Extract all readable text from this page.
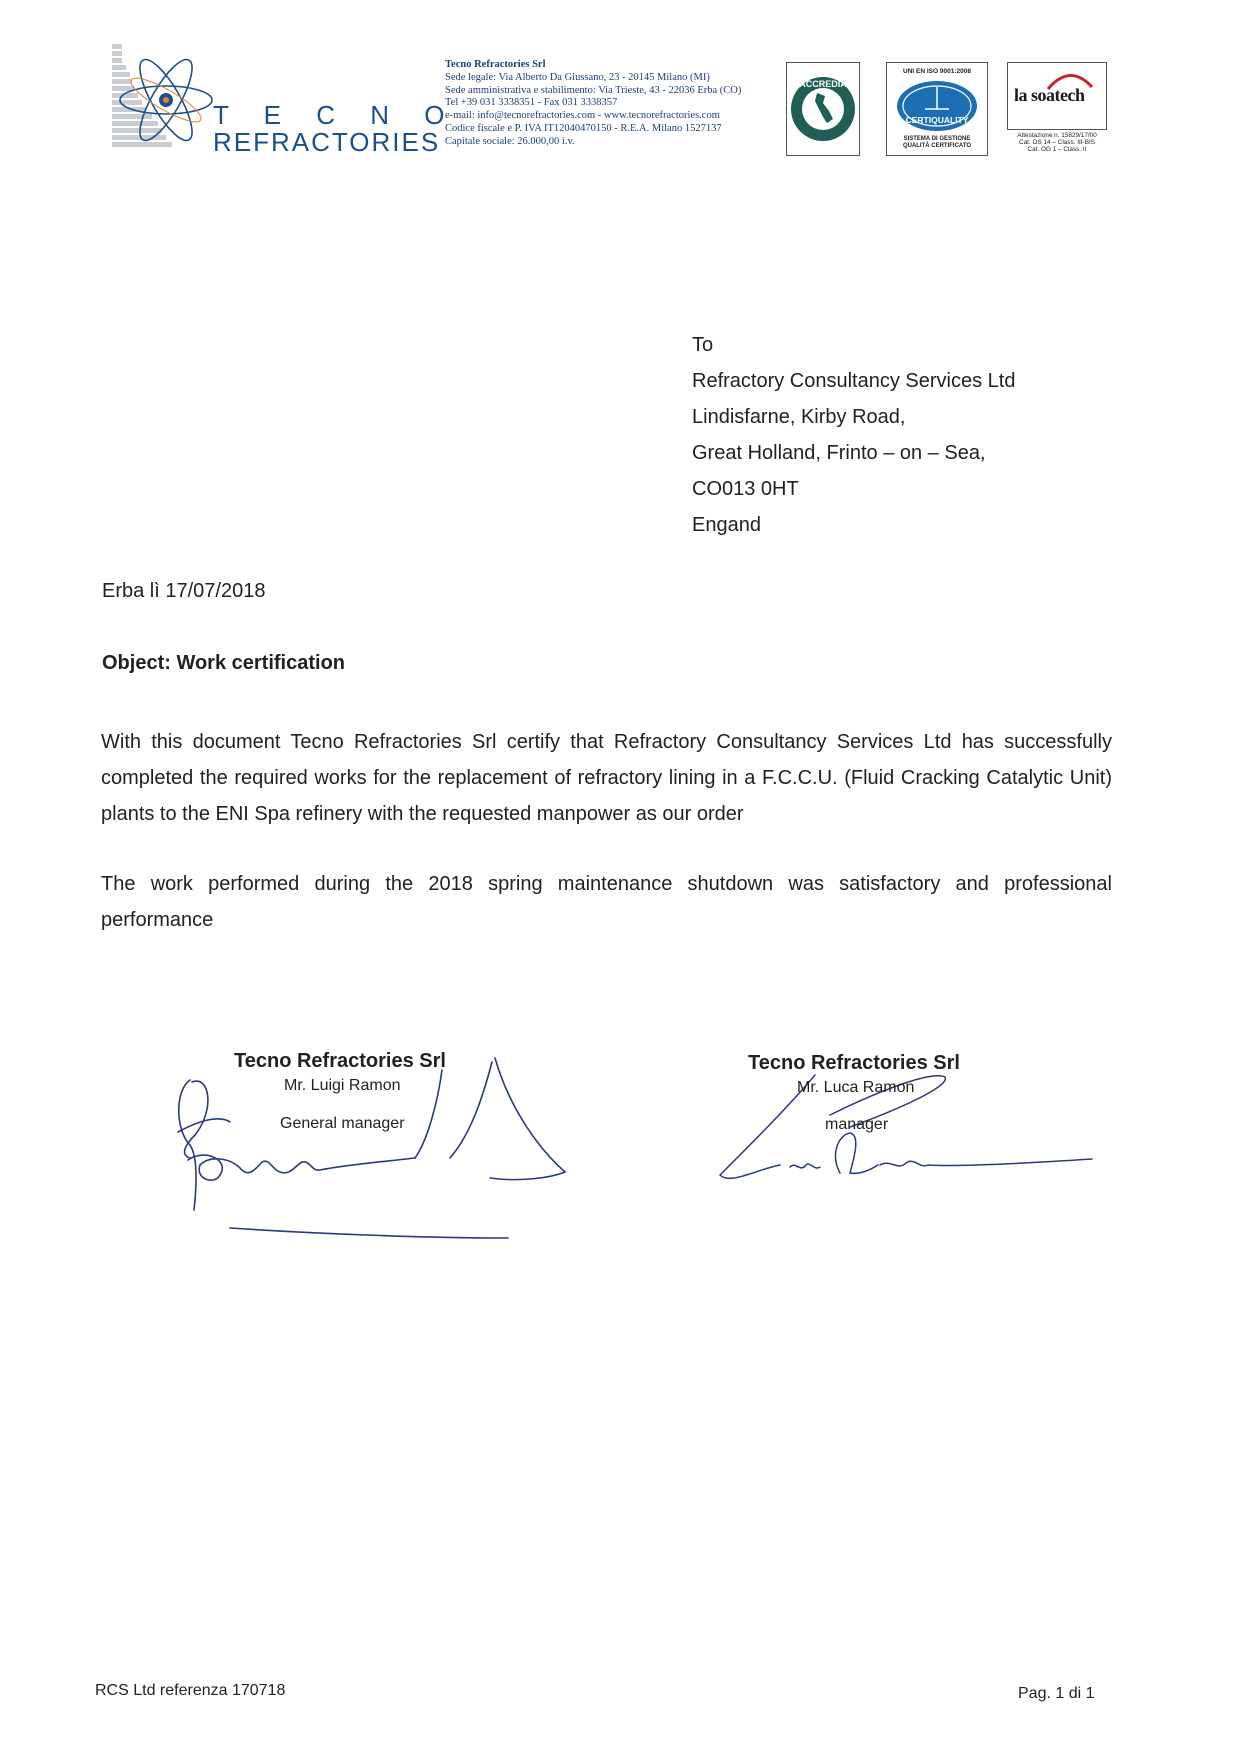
T E C N O
REFRACTORIES
Tecno Refractories Srl
Sede legale: Via Alberto Da Giussano, 23 - 20145 Milano (MI)
Sede amministrativa e stabilimento: Via Trieste, 43 - 22036 Erba (CO)
Tel +39 031 3338351 - Fax 031 3338357
e-mail: info@tecnorefractories.com - www.tecnorefractories.com
Codice fiscale e P. IVA IT12040470150 - R.E.A. Milano 1527137
Capitale sociale: 26.000,00 i.v.
ACCREDIA
UNI EN ISO 9001:2008
CERTIQUALITY
SISTEMA DI GESTIONE
QUALITÀ CERTIFICATO
la soatech
Attestazione n. 15829/17/00
Cat. OS 14 – Class. III-BIS
Cat. OG 1 – Class. II
To
Refractory Consultancy Services Ltd
Lindisfarne, Kirby Road,
Great Holland, Frinto – on – Sea,
CO013 0HT
Engand
Erba lì 17/07/2018
Object: Work certification
With this document Tecno Refractories Srl certify that Refractory Consultancy Services Ltd has successfully completed the required works for the replacement of refractory lining in a F.C.C.U. (Fluid Cracking Catalytic Unit) plants to the ENI Spa refinery with the requested manpower as our order
The work performed during the 2018 spring maintenance shutdown was satisfactory and professional performance
Tecno Refractories Srl
Mr. Luigi Ramon
General manager
Tecno Refractories Srl
Mr. Luca Ramon
manager
RCS Ltd referenza 170718	Pag. 1 di 1
